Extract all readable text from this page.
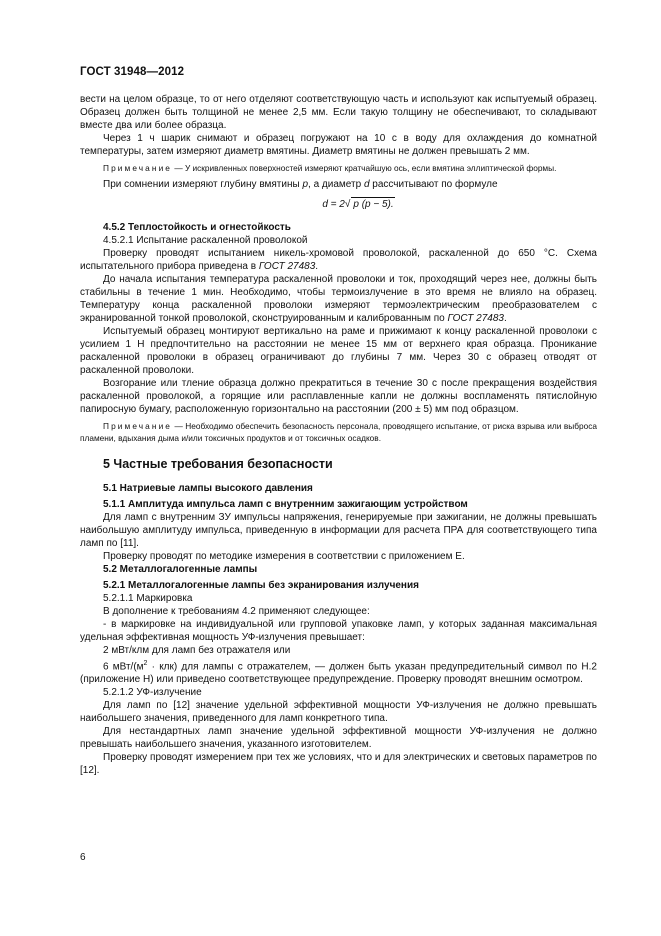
ГОСТ 31948—2012

вести на целом образце, то от него отделяют соответствующую часть и используют как испытуемый образец. Образец должен быть толщиной не менее 2,5 мм. Если такую толщину не обеспечивают, то складывают вместе два или более образца.

Через 1 ч шарик снимают и образец погружают на 10 с в воду для охлаждения до комнатной температуры, затем измеряют диаметр вмятины. Диаметр вмятины не должен превышать 2 мм.

Примечание — У искривленных поверхностей измеряют кратчайшую ось, если вмятина эллиптической формы.

При сомнении измеряют глубину вмятины p, а диаметр d рассчитывают по формуле

d = 2√ p (p − 5).

4.5.2 Теплостойкость и огнестойкость

4.5.2.1 Испытание раскаленной проволокой

Проверку проводят испытанием никель-хромовой проволокой, раскаленной до 650 °С. Схема испытательного прибора приведена в ГОСТ 27483.

До начала испытания температура раскаленной проволоки и ток, проходящий через нее, должны быть стабильны в течение 1 мин. Необходимо, чтобы термоизлучение в это время не влияло на образец. Температуру конца раскаленной проволоки измеряют термоэлектрическим преобразователем с экранированной тонкой проволокой, сконструированным и калиброванным по ГОСТ 27483.

Испытуемый образец монтируют вертикально на раме и прижимают к концу раскаленной проволоки с усилием 1 Н предпочтительно на расстоянии не менее 15 мм от верхнего края образца. Проникание раскаленной проволоки в образец ограничивают до глубины 7 мм. Через 30 с образец отводят от раскаленной проволоки.

Возгорание или тление образца должно прекратиться в течение 30 с после прекращения воздействия раскаленной проволокой, а горящие или расплавленные капли не должны воспламенять пятислойную папиросную бумагу, расположенную горизонтально на расстоянии (200 ± 5) мм под образцом.

Примечание — Необходимо обеспечить безопасность персонала, проводящего испытание, от риска взрыва или выброса пламени, вдыхания дыма и/или токсичных продуктов и от токсичных осадков.

5 Частные требования безопасности

5.1 Натриевые лампы высокого давления

5.1.1 Амплитуда импульса ламп с внутренним зажигающим устройством

Для ламп с внутренним ЗУ импульсы напряжения, генерируемые при зажигании, не должны превышать наибольшую амплитуду импульса, приведенную в информации для расчета ПРА для соответствующего типа ламп по [11].

Проверку проводят по методике измерения в соответствии с приложением Е.

5.2 Металлогалогенные лампы

5.2.1 Металлогалогенные лампы без экранирования излучения

5.2.1.1 Маркировка

В дополнение к требованиям 4.2 применяют следующее:

- в маркировке на индивидуальной или групповой упаковке ламп, у которых заданная максимальная удельная эффективная мощность УФ-излучения превышает:

2 мВт/клм для ламп без отражателя или

6 мВт/$(м^2 \cdot клк)$ для лампы с отражателем, — должен быть указан предупредительный символ по Н.2 (приложение Н) или приведено соответствующее предупреждение. Проверку проводят внешним осмотром.

5.2.1.2 УФ-излучение

Для ламп по [12] значение удельной эффективной мощности УФ-излучения не должно превышать наибольшего значения, приведенного для ламп конкретного типа.

Для нестандартных ламп значение удельной эффективной мощности УФ-излучения не должно превышать наибольшего значения, указанного изготовителем.

Проверку проводят измерением при тех же условиях, что и для электрических и световых параметров по [12].

6
